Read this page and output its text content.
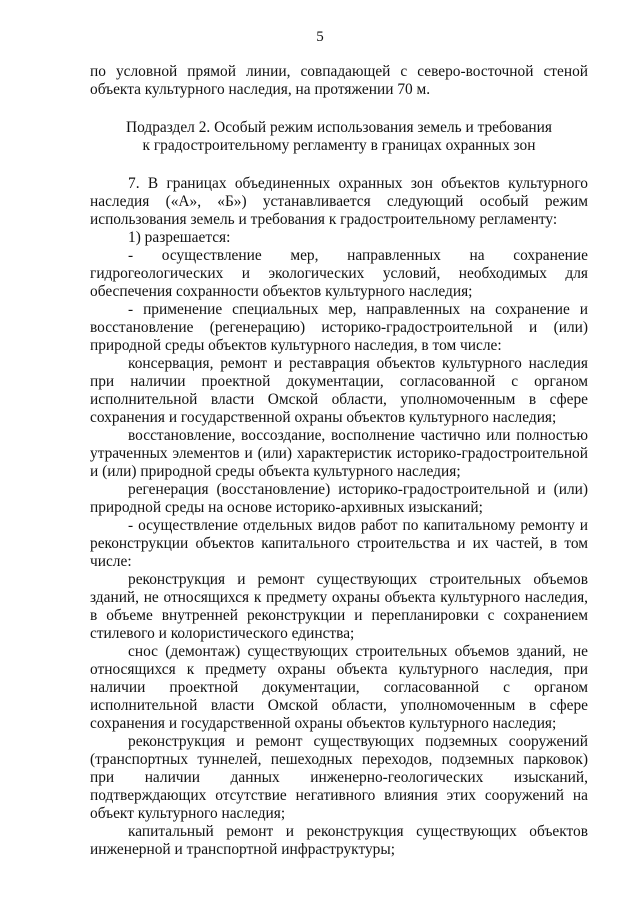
5

по условной прямой линии, совпадающей с северо-восточной стеной объекта культурного наследия, на протяжении 70 м.

Подраздел 2. Особый режим использования земель и требования к градостроительному регламенту в границах охранных зон

7. В границах объединенных охранных зон объектов культурного наследия («А», «Б») устанавливается следующий особый режим использования земель и требования к градостроительному регламенту:

1) разрешается:

- осуществление мер, направленных на сохранение гидрогеологических и экологических условий, необходимых для обеспечения сохранности объектов культурного наследия;

- применение специальных мер, направленных на сохранение и восстановление (регенерацию) историко-градостроительной и (или) природной среды объектов культурного наследия, в том числе:

консервация, ремонт и реставрация объектов культурного наследия при наличии проектной документации, согласованной с органом исполнительной власти Омской области, уполномоченным в сфере сохранения и государственной охраны объектов культурного наследия;

восстановление, воссоздание, восполнение частично или полностью утраченных элементов и (или) характеристик историко-градостроительной и (или) природной среды объекта культурного наследия;

регенерация (восстановление) историко-градостроительной и (или) природной среды на основе историко-архивных изысканий;

- осуществление отдельных видов работ по капитальному ремонту и реконструкции объектов капитального строительства и их частей, в том числе:

реконструкция и ремонт существующих строительных объемов зданий, не относящихся к предмету охраны объекта культурного наследия, в объеме внутренней реконструкции и перепланировки с сохранением стилевого и колористического единства;

снос (демонтаж) существующих строительных объемов зданий, не относящихся к предмету охраны объекта культурного наследия, при наличии проектной документации, согласованной с органом исполнительной власти Омской области, уполномоченным в сфере сохранения и государственной охраны объектов культурного наследия;

реконструкция и ремонт существующих подземных сооружений (транспортных туннелей, пешеходных переходов, подземных парковок) при наличии данных инженерно-геологических изысканий, подтверждающих отсутствие негативного влияния этих сооружений на объект культурного наследия;

капитальный ремонт и реконструкция существующих объектов инженерной и транспортной инфраструктуры;
